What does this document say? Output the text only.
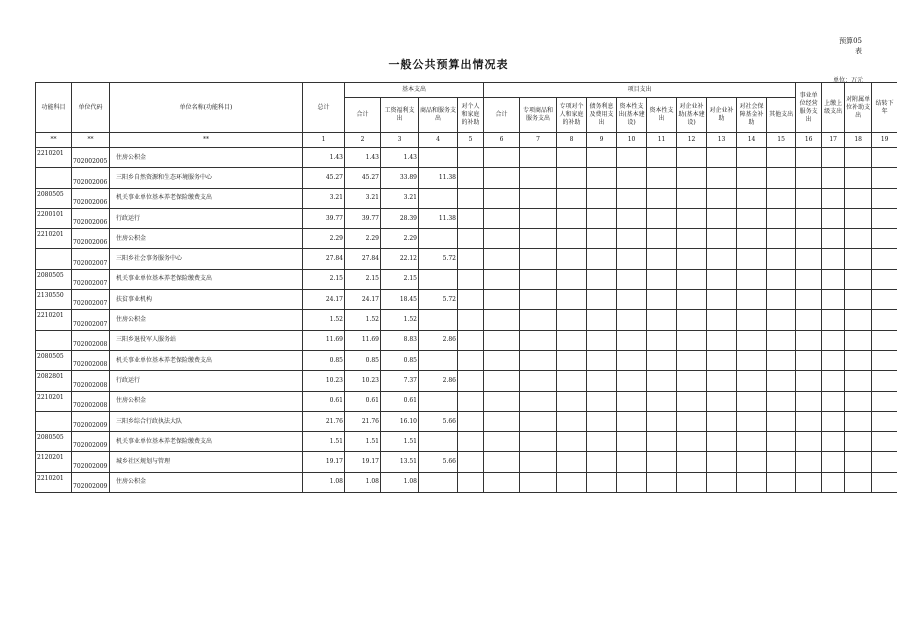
预算05
表
一般公共预算出情况表
单位：万元
功能科目	单位代码	单位名称(功能科目)	总计	基本支出				项目支出										事业单位经营服务支出	上缴上级支出	对附属单位补助支出	结转下年
				合计	工资福利支出	商品和服务支出	对个人和家庭的补助	合计	专项商品和服务支出	专项对个人和家庭的补助	债务利息及费用支出	资本性支出(基本建设)	资本性支出	对企业补助(基本建设)	对企业补助	对社会保障基金补助	其他支出				
**	**	**	1	2	3	4	5	6	7	8	9	10	11	12	13	14	15	16	17	18	19
2210201	702002005	住房公积金	1.43	1.43	1.43																
	702002006	三阳乡自然资源和生态环境服务中心	45.27	45.27	33.89	11.38															
2080505	702002006	机关事业单位基本养老保险缴费支出	3.21	3.21	3.21																
2200101	702002006	行政运行	39.77	39.77	28.39	11.38															
2210201	702002006	住房公积金	2.29	2.29	2.29																
	702002007	三阳乡社会事务服务中心	27.84	27.84	22.12	5.72															
2080505	702002007	机关事业单位基本养老保险缴费支出	2.15	2.15	2.15																
2130550	702002007	扶贫事业机构	24.17	24.17	18.45	5.72															
2210201	702002007	住房公积金	1.52	1.52	1.52																
	702002008	三阳乡退役军人服务站	11.69	11.69	8.83	2.86															
2080505	702002008	机关事业单位基本养老保险缴费支出	0.85	0.85	0.85																
2082801	702002008	行政运行	10.23	10.23	7.37	2.86															
2210201	702002008	住房公积金	0.61	0.61	0.61																
	702002009	三阳乡综合行政执法大队	21.76	21.76	16.10	5.66															
2080505	702002009	机关事业单位基本养老保险缴费支出	1.51	1.51	1.51																
2120201	702002009	城乡社区规划与管理	19.17	19.17	13.51	5.66															
2210201	702002009	住房公积金	1.08	1.08	1.08																
